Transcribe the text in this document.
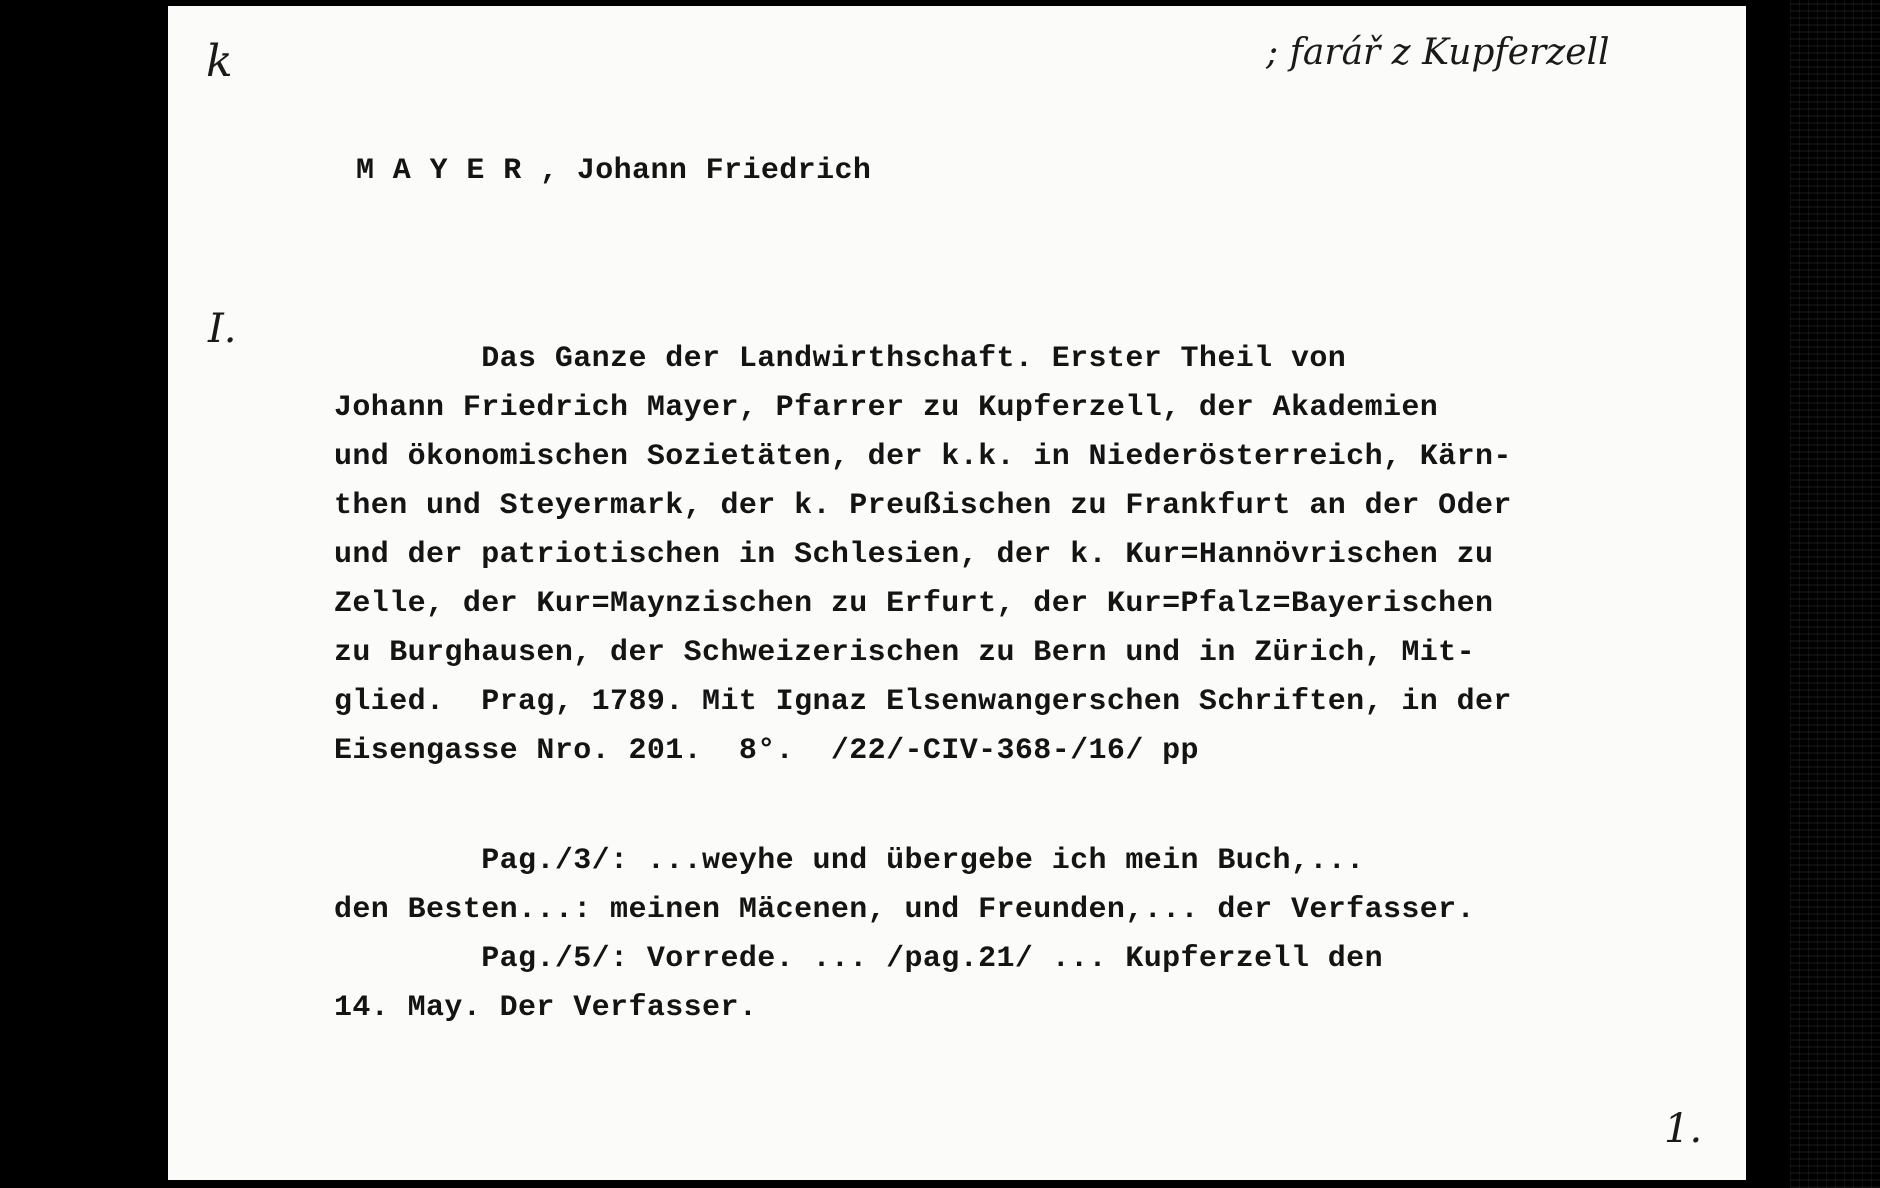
k	; farář z Kupferzell
M A Y E R , Johann Friedrich
I.
Das Ganze der Landwirthschaft. Erster Theil von
Johann Friedrich Mayer, Pfarrer zu Kupferzell, der Akademien
und ökonomischen Sozietäten, der k.k. in Niederösterreich, Kärn-
then und Steyermark, der k. Preußischen zu Frankfurt an der Oder
und der patriotischen in Schlesien, der k. Kur=Hannövrischen zu
Zelle, der Kur=Maynzischen zu Erfurt, der Kur=Pfalz=Bayerischen
zu Burghausen, der Schweizerischen zu Bern und in Zürich, Mit-
glied.  Prag, 1789. Mit Ignaz Elsenwangerschen Schriften, in der
Eisengasse Nro. 201.  8°.  /22/-CIV-368-/16/ pp
Pag./3/: ...weyhe und übergebe ich mein Buch,...
den Besten...: meinen Mäcenen, und Freunden,... der Verfasser.
Pag./5/: Vorrede. ... /pag.21/ ... Kupferzell den
14. May. Der Verfasser.
1.
